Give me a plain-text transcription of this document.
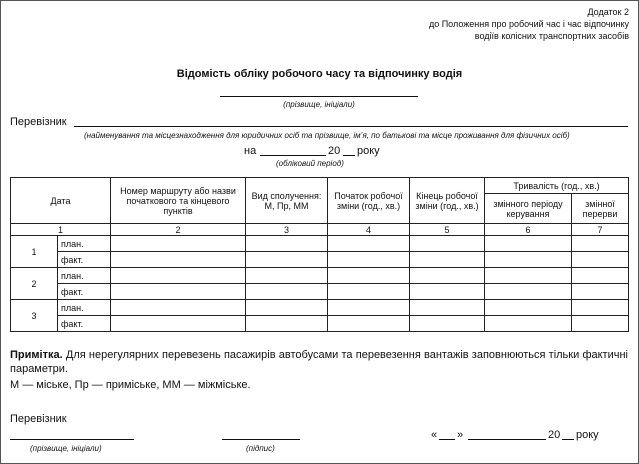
Додаток 2
до Положення про робочий час і час відпочинку
водіїв колісних транспортних засобів
Відомість обліку робочого часу та відпочинку водія
(прізвище, ініціали)
Перевізник
(найменування та місцезнаходження для юридичних осіб та прізвище, ім’я, по батькові та місце проживання для фізичних осіб)
на	20 року
(обліковий період)
Дата		Номер маршруту або назви початкового та кінцевого пунктів	Вид сполучення: М, Пр, ММ	Початок робочої зміни (год., хв.)	Кінець робочої зміни (год., хв.)	Тривалість (год., хв.)	
						змінного періоду керування	змінної перерви
1		2	3	4	5	6	7
1	план.						
	факт.						
2	план.						
	факт.						
3	план.						
	факт.						
Примітка. Для нерегулярних перевезень пасажирів автобусами та перевезення вантажів заповнюються тільки фактичні параметри.
М — міське, Пр — приміське, ММ — міжміське.
Перевізник
(прізвище, ініціали)	(підпис)
« »	20 року
